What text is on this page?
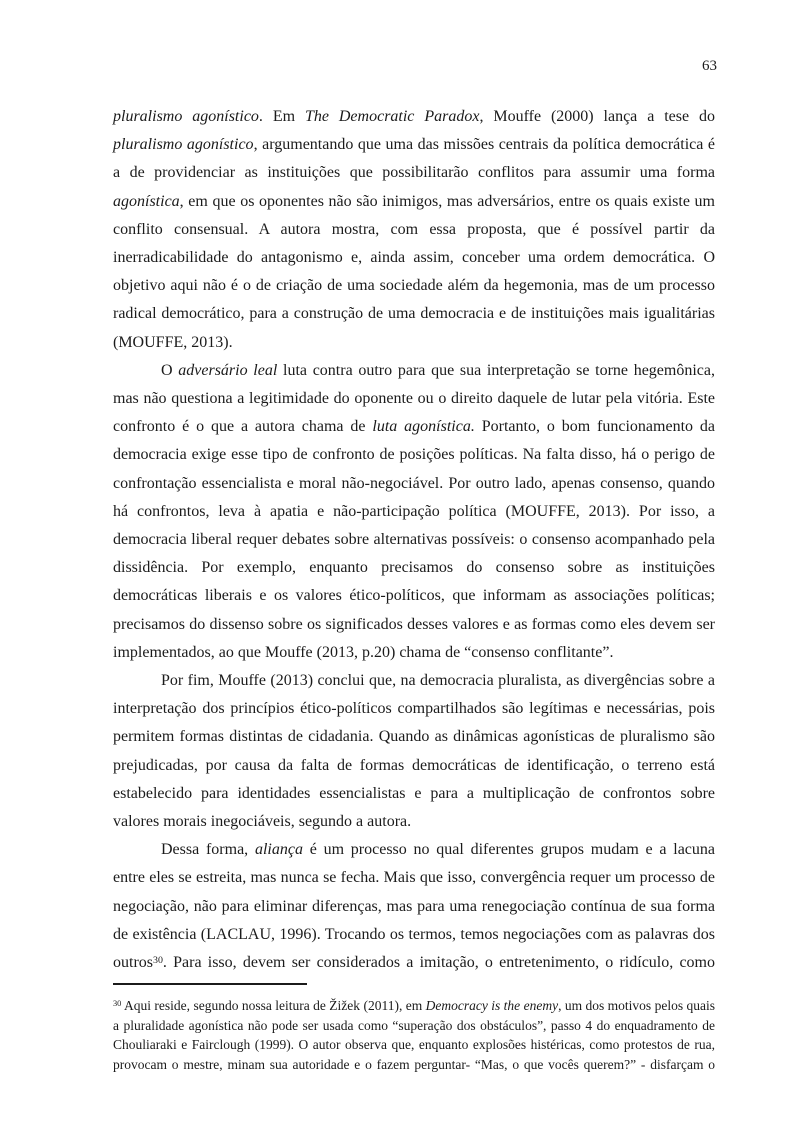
63

pluralismo agonístico. Em The Democratic Paradox, Mouffe (2000) lança a tese do pluralismo agonístico, argumentando que uma das missões centrais da política democrática é a de providenciar as instituições que possibilitarão conflitos para assumir uma forma agonística, em que os oponentes não são inimigos, mas adversários, entre os quais existe um conflito consensual. A autora mostra, com essa proposta, que é possível partir da inerradicabilidade do antagonismo e, ainda assim, conceber uma ordem democrática. O objetivo aqui não é o de criação de uma sociedade além da hegemonia, mas de um processo radical democrático, para a construção de uma democracia e de instituições mais igualitárias (MOUFFE, 2013).

O adversário leal luta contra outro para que sua interpretação se torne hegemônica, mas não questiona a legitimidade do oponente ou o direito daquele de lutar pela vitória. Este confronto é o que a autora chama de luta agonística. Portanto, o bom funcionamento da democracia exige esse tipo de confronto de posições políticas. Na falta disso, há o perigo de confrontação essencialista e moral não-negociável. Por outro lado, apenas consenso, quando há confrontos, leva à apatia e não-participação política (MOUFFE, 2013). Por isso, a democracia liberal requer debates sobre alternativas possíveis: o consenso acompanhado pela dissidência. Por exemplo, enquanto precisamos do consenso sobre as instituições democráticas liberais e os valores ético-políticos, que informam as associações políticas; precisamos do dissenso sobre os significados desses valores e as formas como eles devem ser implementados, ao que Mouffe (2013, p.20) chama de “consenso conflitante”.

Por fim, Mouffe (2013) conclui que, na democracia pluralista, as divergências sobre a interpretação dos princípios ético-políticos compartilhados são legítimas e necessárias, pois permitem formas distintas de cidadania. Quando as dinâmicas agonísticas de pluralismo são prejudicadas, por causa da falta de formas democráticas de identificação, o terreno está estabelecido para identidades essencialistas e para a multiplicação de confrontos sobre valores morais inegociáveis, segundo a autora.

Dessa forma, aliança é um processo no qual diferentes grupos mudam e a lacuna entre eles se estreita, mas nunca se fecha. Mais que isso, convergência requer um processo de negociação, não para eliminar diferenças, mas para uma renegociação contínua de sua forma de existência (LACLAU, 1996). Trocando os termos, temos negociações com as palavras dos outros$^{30}$. Para isso, devem ser considerados a imitação, o entretenimento, o ridículo, como

$^{30}$ Aqui reside, segundo nossa leitura de Žižek (2011), em Democracy is the enemy, um dos motivos pelos quais a pluralidade agonística não pode ser usada como “superação dos obstáculos”, passo 4 do enquadramento de Chouliaraki e Fairclough (1999). O autor observa que, enquanto explosões histéricas, como protestos de rua, provocam o mestre, minam sua autoridade e o fazem perguntar- “Mas, o que vocês querem?” - disfarçam o
